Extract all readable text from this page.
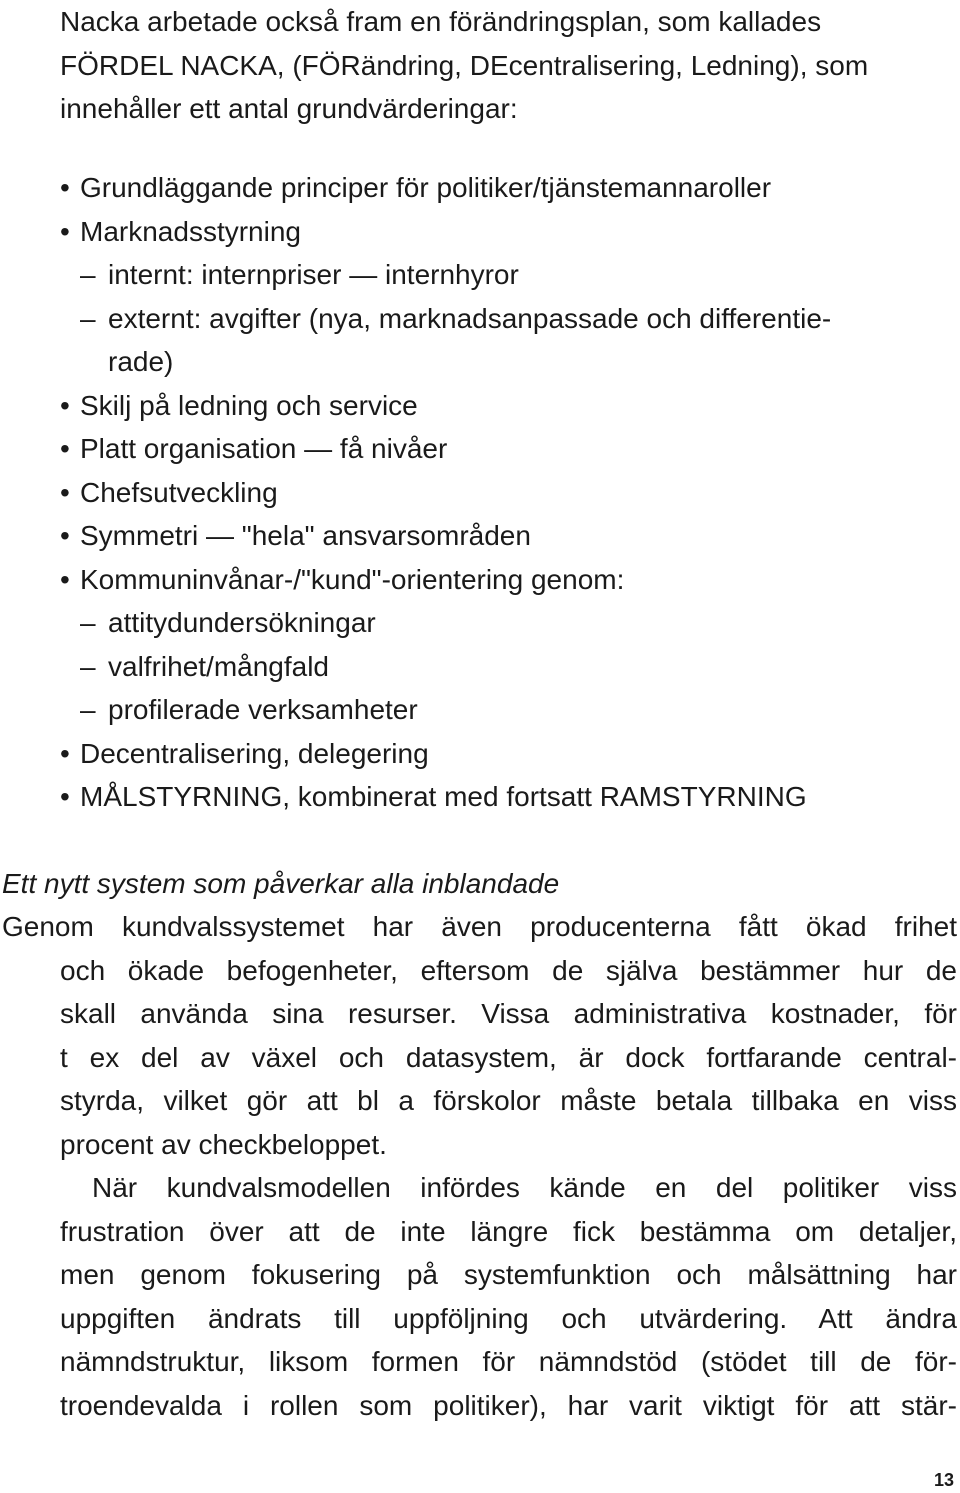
Nacka arbetade också fram en förändringsplan, som kallades
FÖRDEL NACKA, (FÖRändring, DEcentralisering, Ledning), som
innehåller ett antal grundvärderingar:
• Grundläggande principer för politiker/tjänstemannaroller
• Marknadsstyrning
– internt: internpriser — internhyror
– externt: avgifter (nya, marknadsanpassade och differentie-
rade)
• Skilj på ledning och service
• Platt organisation — få nivåer
• Chefsutveckling
• Symmetri — "hela" ansvarsområden
• Kommuninvånar-/"kund"-orientering genom:
– attitydundersökningar
– valfrihet/mångfald
– profilerade verksamheter
• Decentralisering, delegering
• MÅLSTYRNING, kombinerat med fortsatt RAMSTYRNING
Ett nytt system som påverkar alla inblandade
Genom kundvalssystemet har även producenterna fått ökad frihet
och ökade befogenheter, eftersom de själva bestämmer hur de
skall använda sina resurser. Vissa administrativa kostnader, för
t ex del av växel och datasystem, är dock fortfarande central-
styrda, vilket gör att bl a förskolor måste betala tillbaka en viss
procent av checkbeloppet.
När kundvalsmodellen infördes kände en del politiker viss
frustration över att de inte längre fick bestämma om detaljer,
men genom fokusering på systemfunktion och målsättning har
uppgiften ändrats till uppföljning och utvärdering. Att ändra
nämndstruktur, liksom formen för nämndstöd (stödet till de för-
troendevalda i rollen som politiker), har varit viktigt för att stär-
13
